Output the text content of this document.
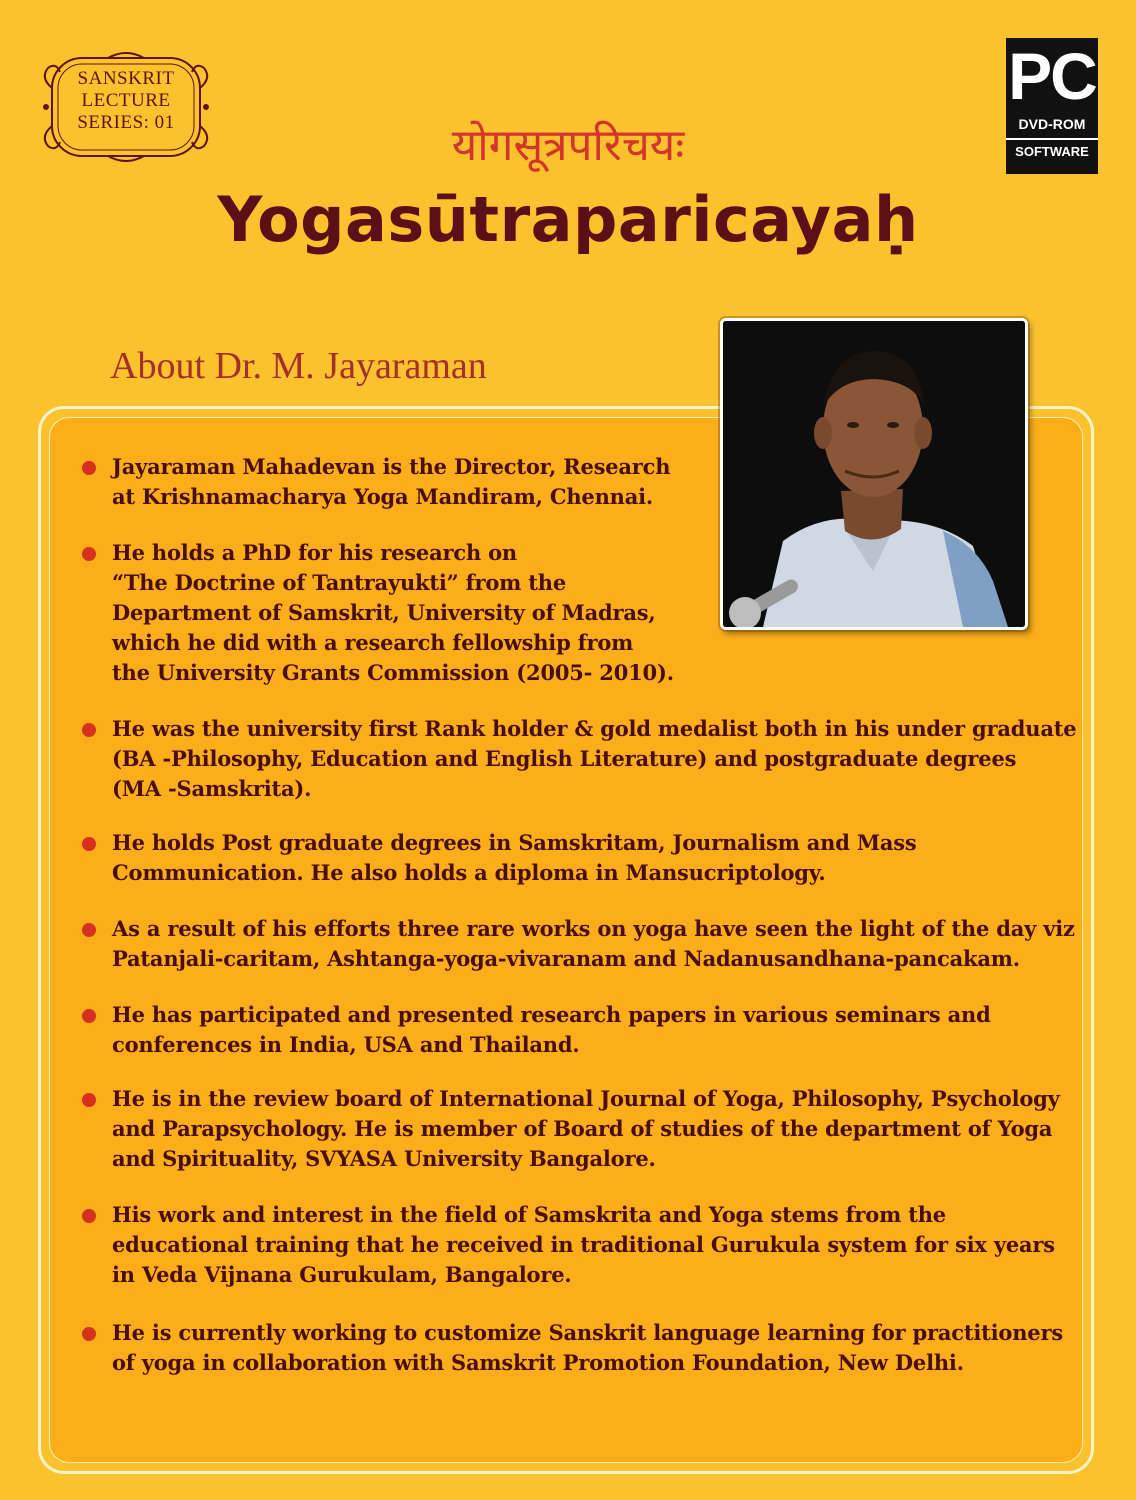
SANSKRIT
LECTURE
SERIES: 01
PC
DVD-ROM
SOFTWARE
योगसूत्रपरिचयः
Yogasūtraparicayaḥ
About Dr. M. Jayaraman
Jayaraman Mahadevan is the Director, Research
at Krishnamacharya Yoga Mandiram, Chennai.
He holds a PhD for his research on
“The Doctrine of Tantrayukti” from the
Department of Samskrit, University of Madras,
which he did with a research fellowship from
the University Grants Commission (2005- 2010).
He was the university first Rank holder & gold medalist both in his under graduate
(BA -Philosophy, Education and English Literature) and postgraduate degrees
(MA -Samskrita).
He holds Post graduate degrees in Samskritam, Journalism and Mass
Communication. He also holds a diploma in Mansucriptology.
As a result of his efforts three rare works on yoga have seen the light of the day viz
Patanjali-caritam, Ashtanga-yoga-vivaranam and Nadanusandhana-pancakam.
He has participated and presented research papers in various seminars and
conferences in India, USA and Thailand.
He is in the review board of International Journal of Yoga, Philosophy, Psychology
and Parapsychology. He is member of Board of studies of the department of Yoga
and Spirituality, SVYASA University Bangalore.
His work and interest in the field of Samskrita and Yoga stems from the
educational training that he received in traditional Gurukula system for six years
in Veda Vijnana Gurukulam, Bangalore.
He is currently working to customize Sanskrit language learning for practitioners
of yoga in collaboration with Samskrit Promotion Foundation, New Delhi.
